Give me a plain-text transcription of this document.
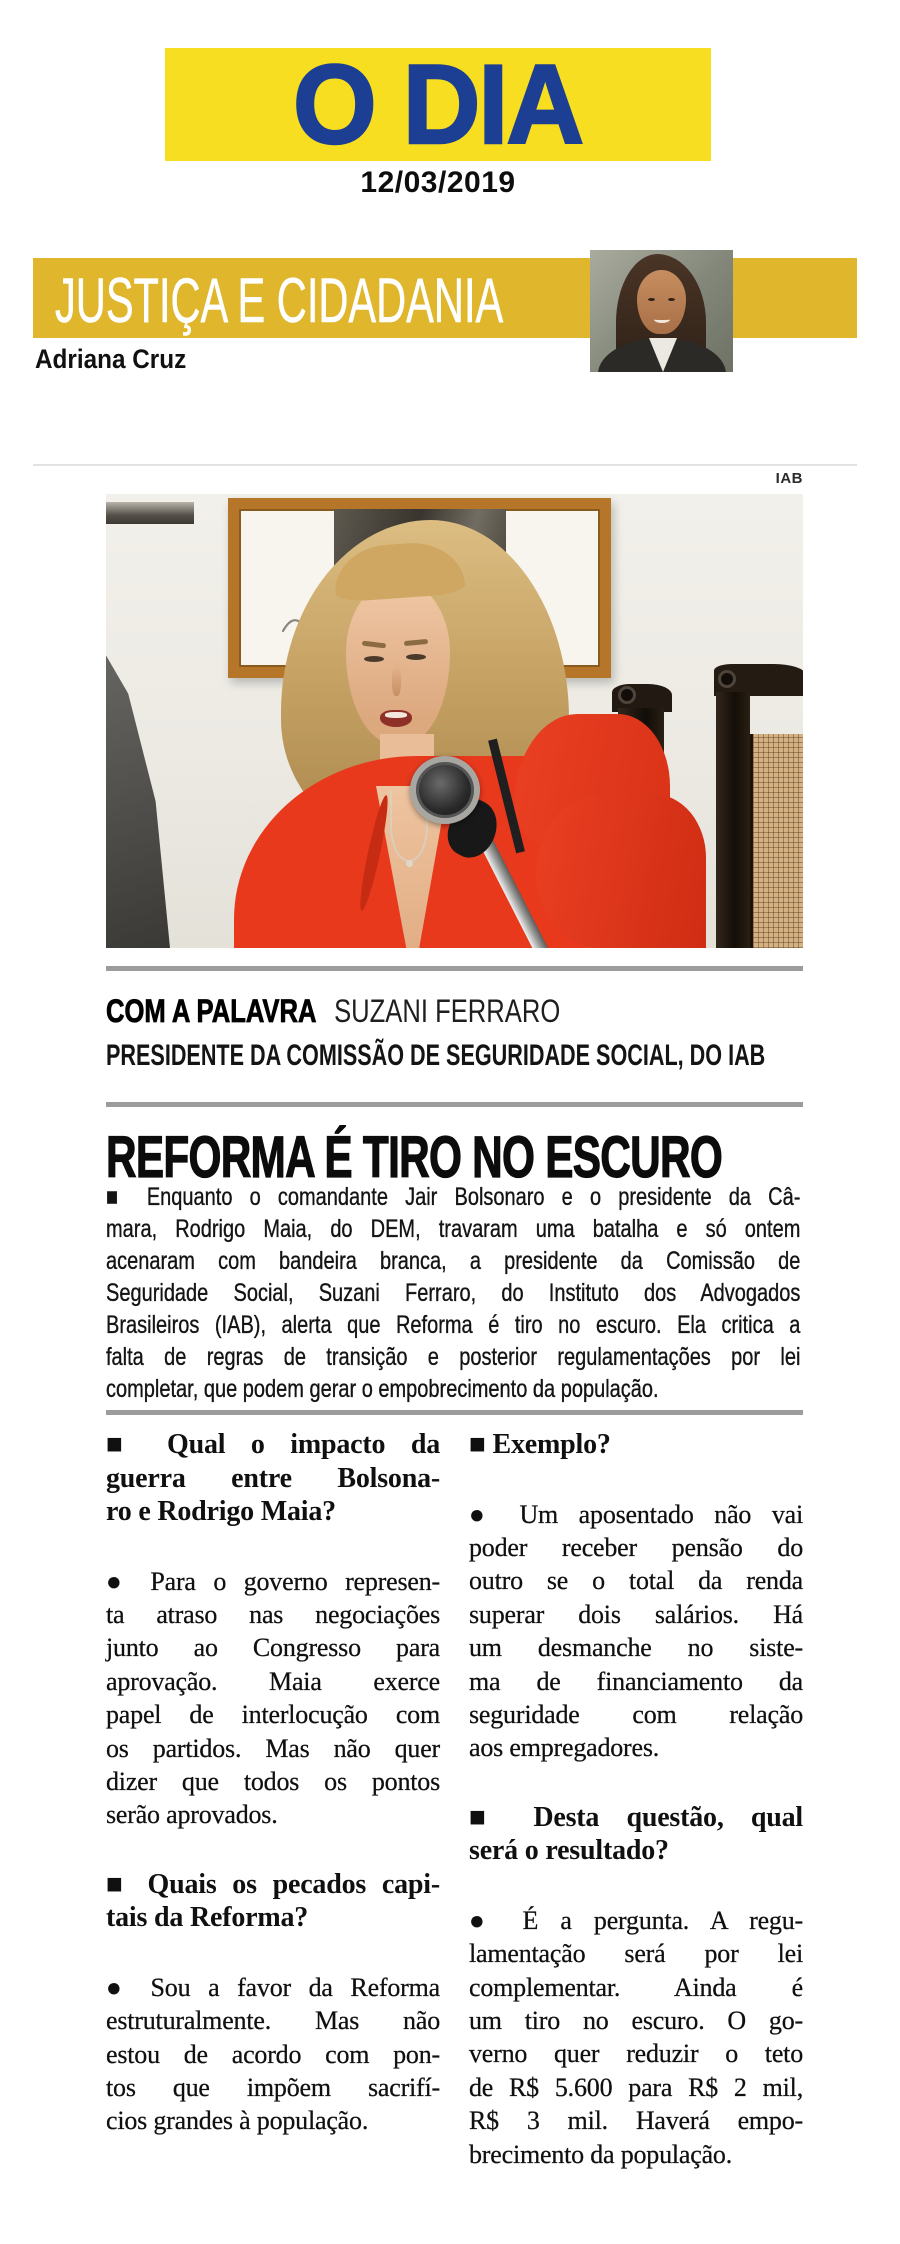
O DIA
12/03/2019
JUSTIÇA E CIDADANIA
Adriana Cruz
IAB
COM A PALAVRA SUZANI FERRARO
PRESIDENTE DA COMISSÃO DE SEGURIDADE SOCIAL, DO IAB
REFORMA É TIRO NO ESCURO
■ Enquanto o comandante Jair Bolsonaro e o presidente da Câ-
mara, Rodrigo Maia, do DEM, travaram uma batalha e só ontem
acenaram com bandeira branca, a presidente da Comissão de
Seguridade Social, Suzani Ferraro, do Instituto dos Advogados
Brasileiros (IAB), alerta que Reforma é tiro no escuro. Ela critica a
falta de regras de transição e posterior regulamentações por lei
completar, que podem gerar o empobrecimento da população.
■ Qual o impacto da
guerra entre Bolsona-
ro e Rodrigo Maia?
● Para o governo represen-
ta atraso nas negociações
junto ao Congresso para
aprovação. Maia exerce
papel de interlocução com
os partidos. Mas não quer
dizer que todos os pontos
serão aprovados.
■ Quais os pecados capi-
tais da Reforma?
● Sou a favor da Reforma
estruturalmente. Mas não
estou de acordo com pon-
tos que impõem sacrifí-
cios grandes à população.
■ Exemplo?
● Um aposentado não vai
poder receber pensão do
outro se o total da renda
superar dois salários. Há
um desmanche no siste-
ma de financiamento da
seguridade com relação
aos empregadores.
■ Desta questão, qual
será o resultado?
● É a pergunta. A regu-
lamentação será por lei
complementar. Ainda é
um tiro no escuro. O go-
verno quer reduzir o teto
de R$ 5.600 para R$ 2 mil,
R$ 3 mil. Haverá empo-
brecimento da população.
